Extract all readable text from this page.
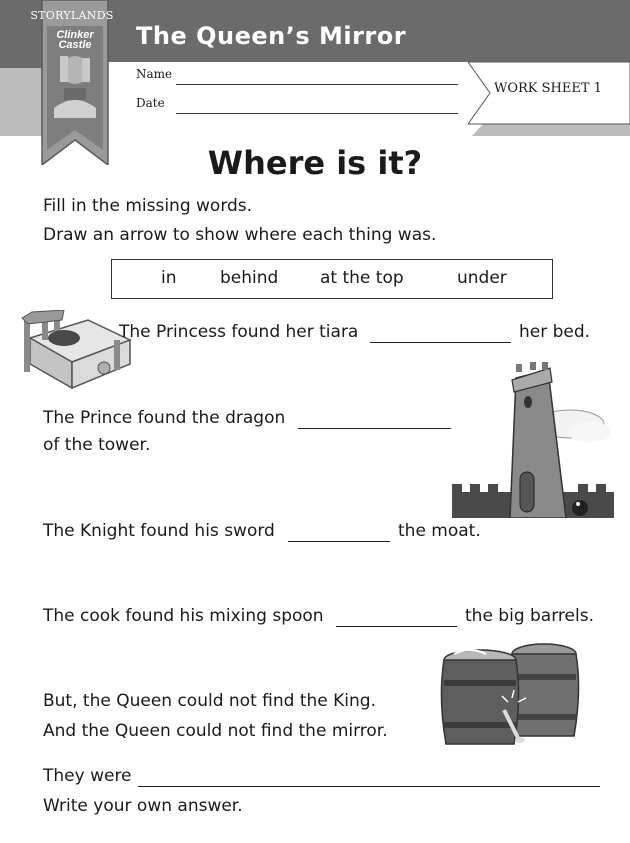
WORK SHEET 1
STORYLANDS
Clinker Castle	The Queen’s Mirror
Name
Date
Where is it?
Fill in the missing words.
Draw an arrow to show where each thing was.
in	behind at the top	under
The Princess found her tiara	her bed.
The Prince found the dragon
of the tower.
The Knight found his sword	the moat.
The cook found his mixing spoon	the big barrels.
But, the Queen could not find the King.
And the Queen could not find the mirror.
They were
Write your own answer.
